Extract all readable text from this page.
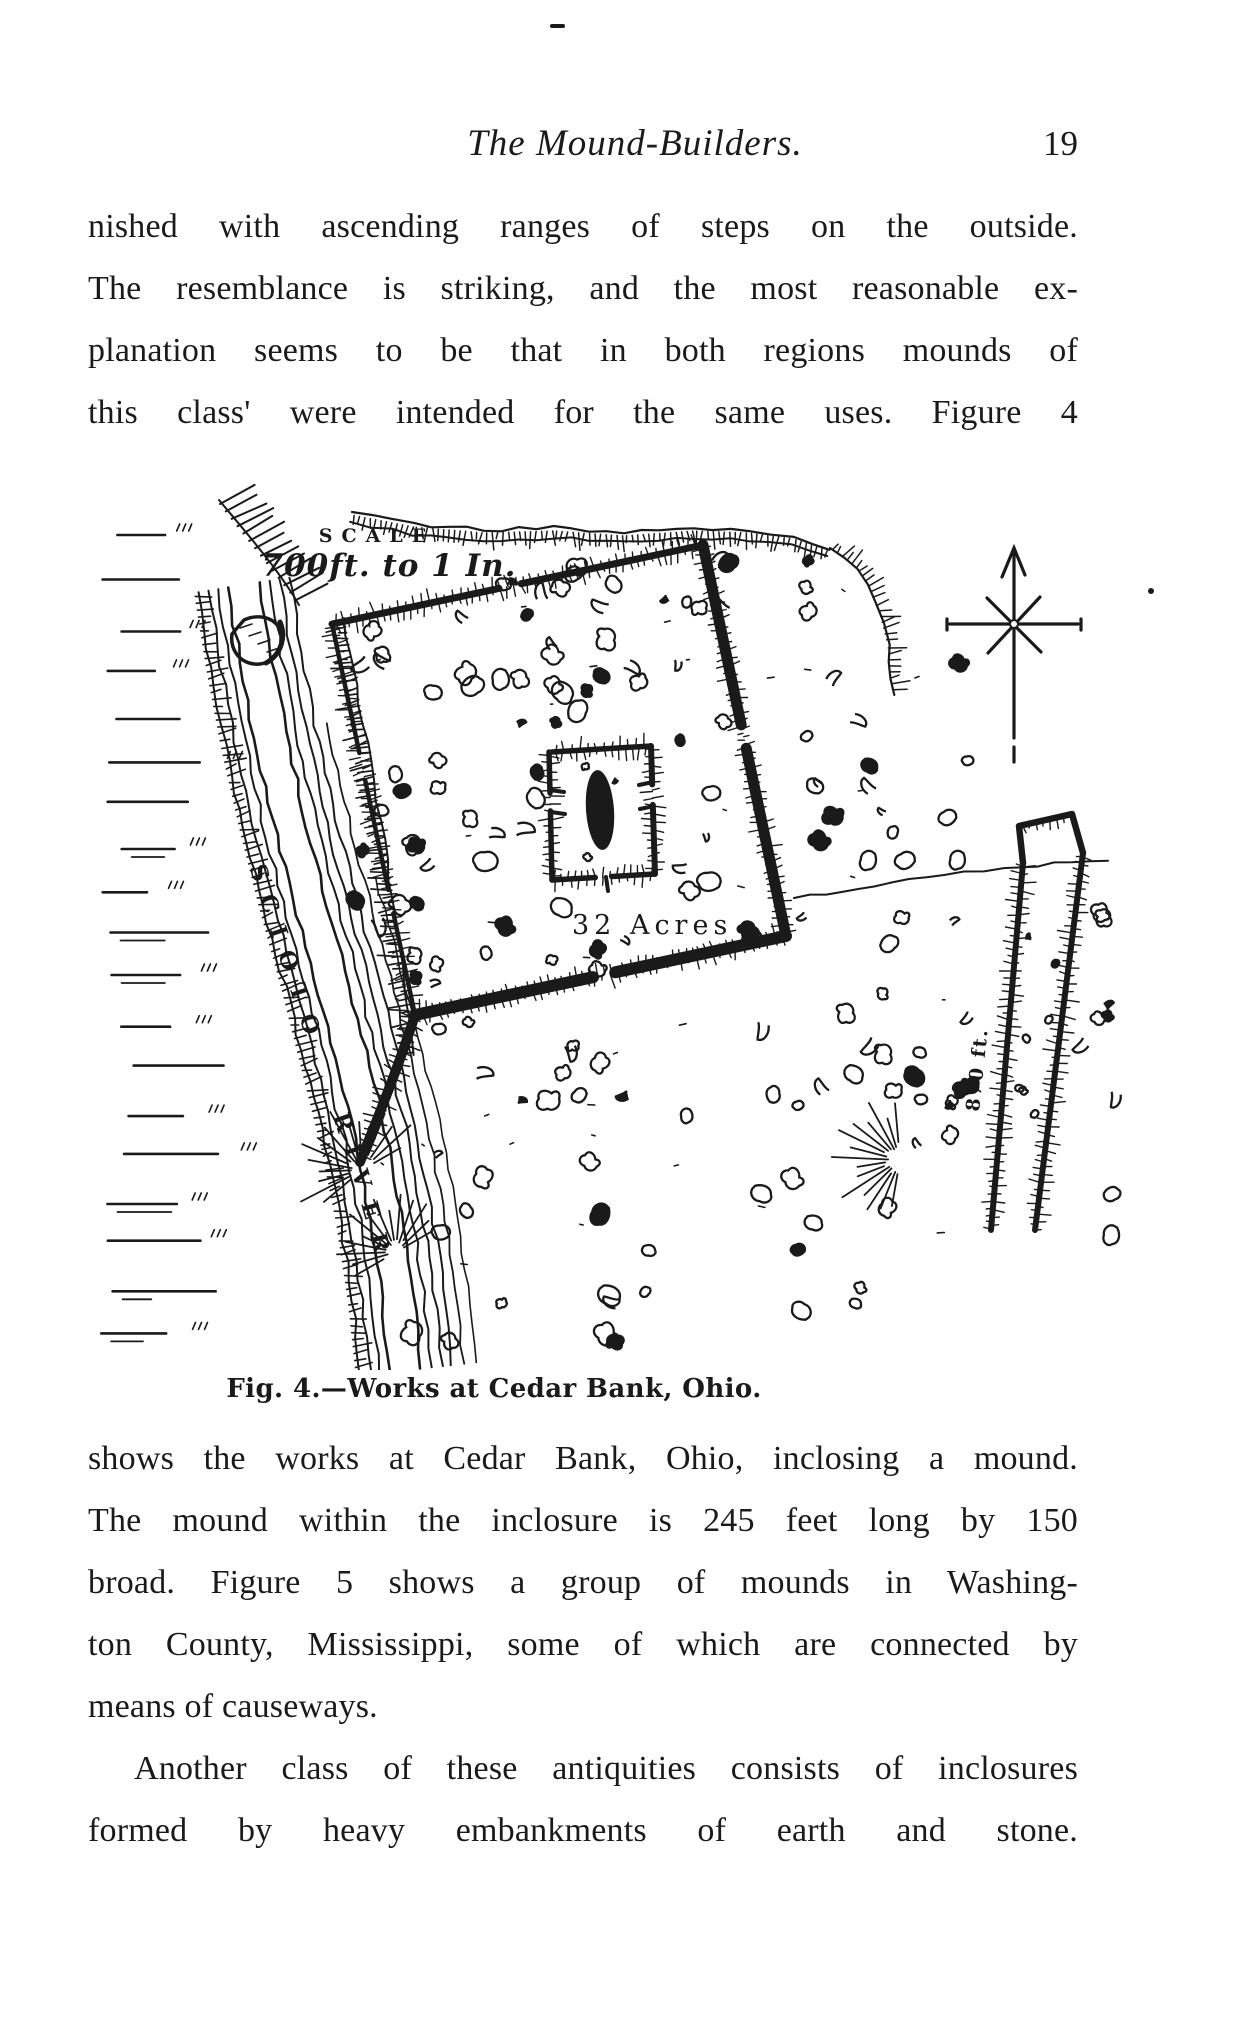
The Mound-Builders.	19
nished with ascending ranges of steps on the outside.
The resemblance is striking, and the most reasonable ex-
planation seems to be that in both regions mounds of
this class' were intended for the same uses. Figure 4
SCALE
700ft. to 1 In.
32 Acres
870 ft.
SCIOTO RIVER
Fig. 4.—Works at Cedar Bank, Ohio.
shows the works at Cedar Bank, Ohio, inclosing a mound.
The mound within the inclosure is 245 feet long by 150
broad. Figure 5 shows a group of mounds in Washing-
ton County, Mississippi, some of which are connected by
means of causeways.
Another class of these antiquities consists of inclosures
formed by heavy embankments of earth and stone.
